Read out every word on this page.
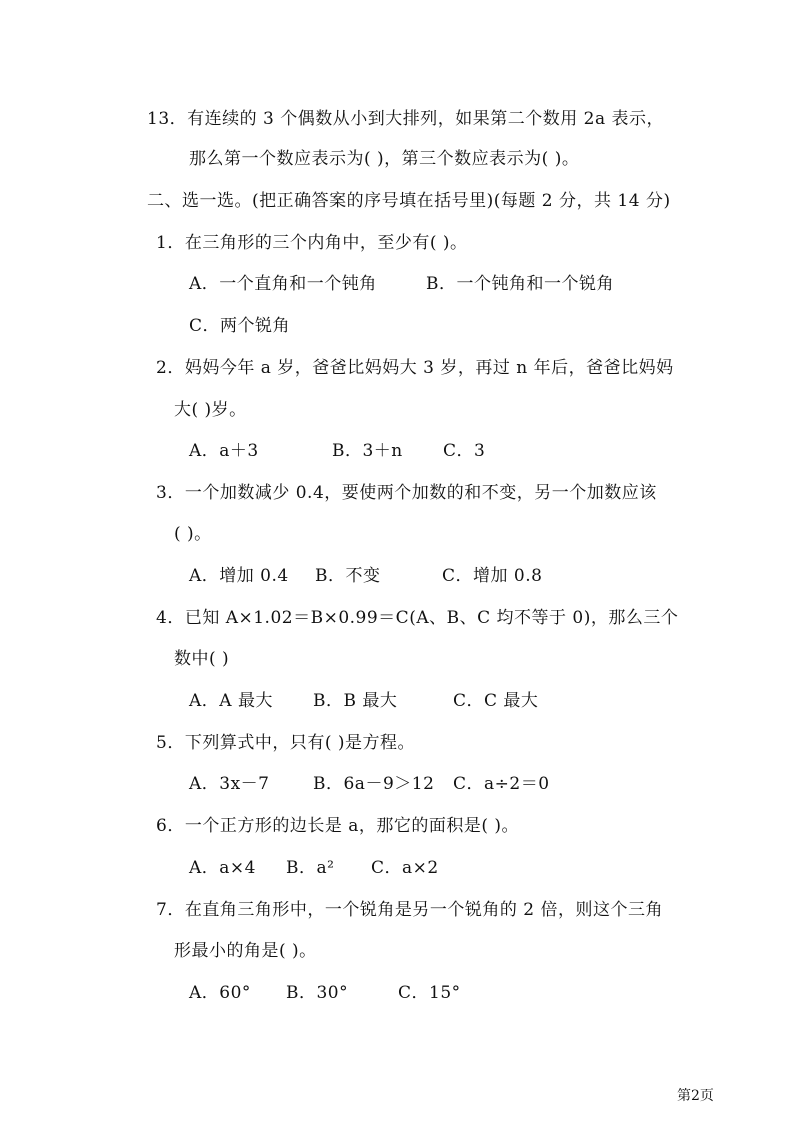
13．有连续的 3 个偶数从小到大排列，如果第二个数用 2a 表示，
那么第一个数应表示为( )，第三个数应表示为( )。
二、选一选。(把正确答案的序号填在括号里)(每题 2 分，共 14 分)
1．在三角形的三个内角中，至少有( )。
A．一个直角和一个钝角	B．一个钝角和一个锐角
C．两个锐角
2．妈妈今年 a 岁，爸爸比妈妈大 3 岁，再过 n 年后，爸爸比妈妈
大( )岁。
A．a＋3	B．3＋n C．3
3．一个加数减少 0.4，要使两个加数的和不变，另一个加数应该
( )。
A．增加 0.4 B．不变	C．增加 0.8
4．已知 A×1.02＝B×0.99＝C(A、B、C 均不等于 0)，那么三个
数中( )
A．A 最大 B．B 最大	C．C 最大
5．下列算式中，只有( )是方程。
A．3x－7	B．6a－9＞12 C．a÷2＝0
6．一个正方形的边长是 a，那它的面积是( )。
A．a×4 B．a² C．a×2
7．在直角三角形中，一个锐角是另一个锐角的 2 倍，则这个三角
形最小的角是( )。
A．60° B．30°	C．15°
第2页
